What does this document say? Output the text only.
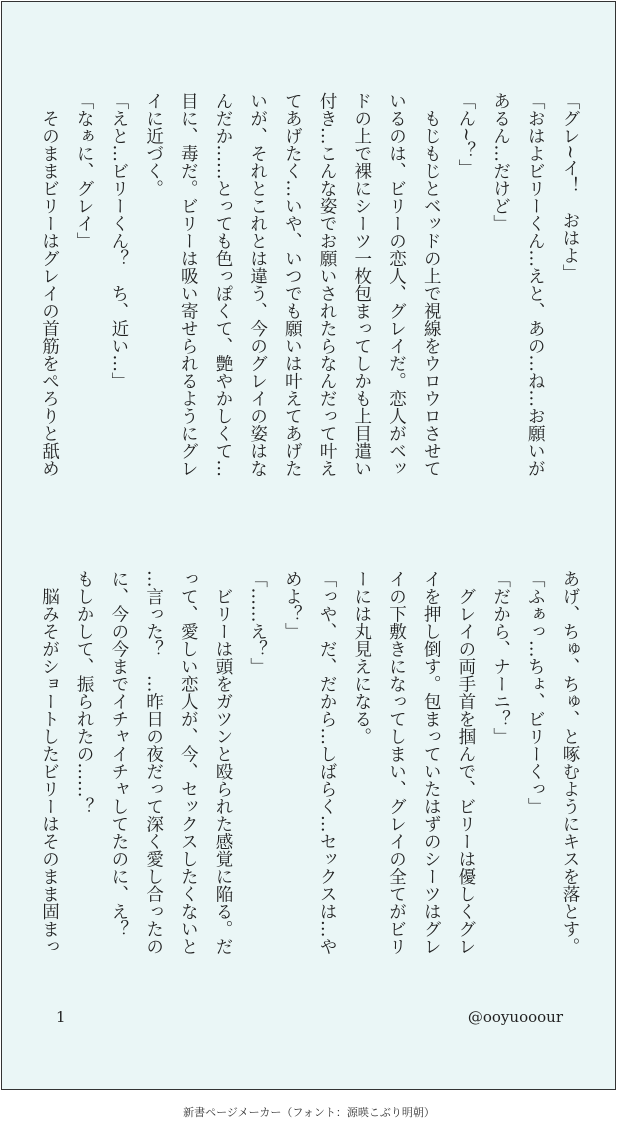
「グレ~イ！　おはよ」
「おはよビリーくん…えと、あの…ね…お願いが
あるん…だけど」
「ん~？」
　もじもじとベッドの上で視線をウロウロさせて
いるのは、ビリーの恋人、グレイだ。恋人がベッ
ドの上で裸にシーツ一枚包まってしかも上目遣い
付き…こんな姿でお願いされたらなんだって叶え
てあげたく…いや、いつでも願いは叶えてあげた
いが、それとこれとは違う、今のグレイの姿はな
んだか……とっても色っぽくて、艶やかしくて…
目に、毒だ。ビリーは吸い寄せられるようにグレ
イに近づく。
「えと…ビリーくん？　ち、近い…」
「なぁに、グレイ」
　そのままビリーはグレイの首筋をぺろりと舐め
あげ、ちゅ、ちゅ、と啄むようにキスを落とす。
「ふぁっ…ちょ、ビリーくっ」
「だから、ナーニ？」
　グレイの両手首を掴んで、ビリーは優しくグレ
イを押し倒す。包まっていたはずのシーツはグレ
イの下敷きになってしまい、グレイの全てがビリ
ーには丸見えになる。
「っや、だ、だから…しばらく…セックスは…や
めよ？」
「……え？」
　ビリーは頭をガツンと殴られた感覚に陥る。だ
って、愛しい恋人が、今、セックスしたくないと
…言った？　…昨日の夜だって深く愛し合ったの
に、今の今までイチャイチャしてたのに、え？
もしかして、振られたの……？
　脳みそがショートしたビリーはそのまま固まっ
1	@ooyuooour
新書ページメーカー（フォント：源暎こぶり明朝）
